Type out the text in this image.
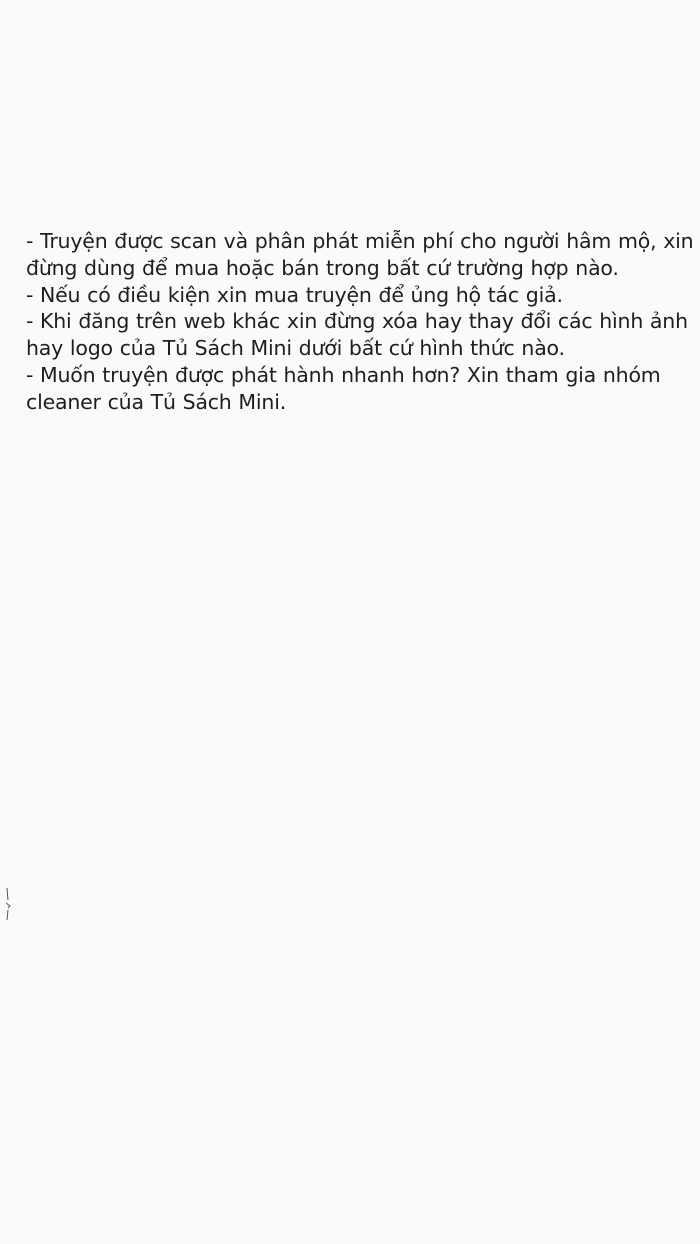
- Truyện được scan và phân phát miễn phí cho người hâm mộ, xin
đừng dùng để mua hoặc bán trong bất cứ trường hợp nào.
- Nếu có điều kiện xin mua truyện để ủng hộ tác giả.
- Khi đăng trên web khác xin đừng xóa hay thay đổi các hình ảnh
hay logo của Tủ Sách Mini dưới bất cứ hình thức nào.
- Muốn truyện được phát hành nhanh hơn? Xin tham gia nhóm
cleaner của Tủ Sách Mini.
